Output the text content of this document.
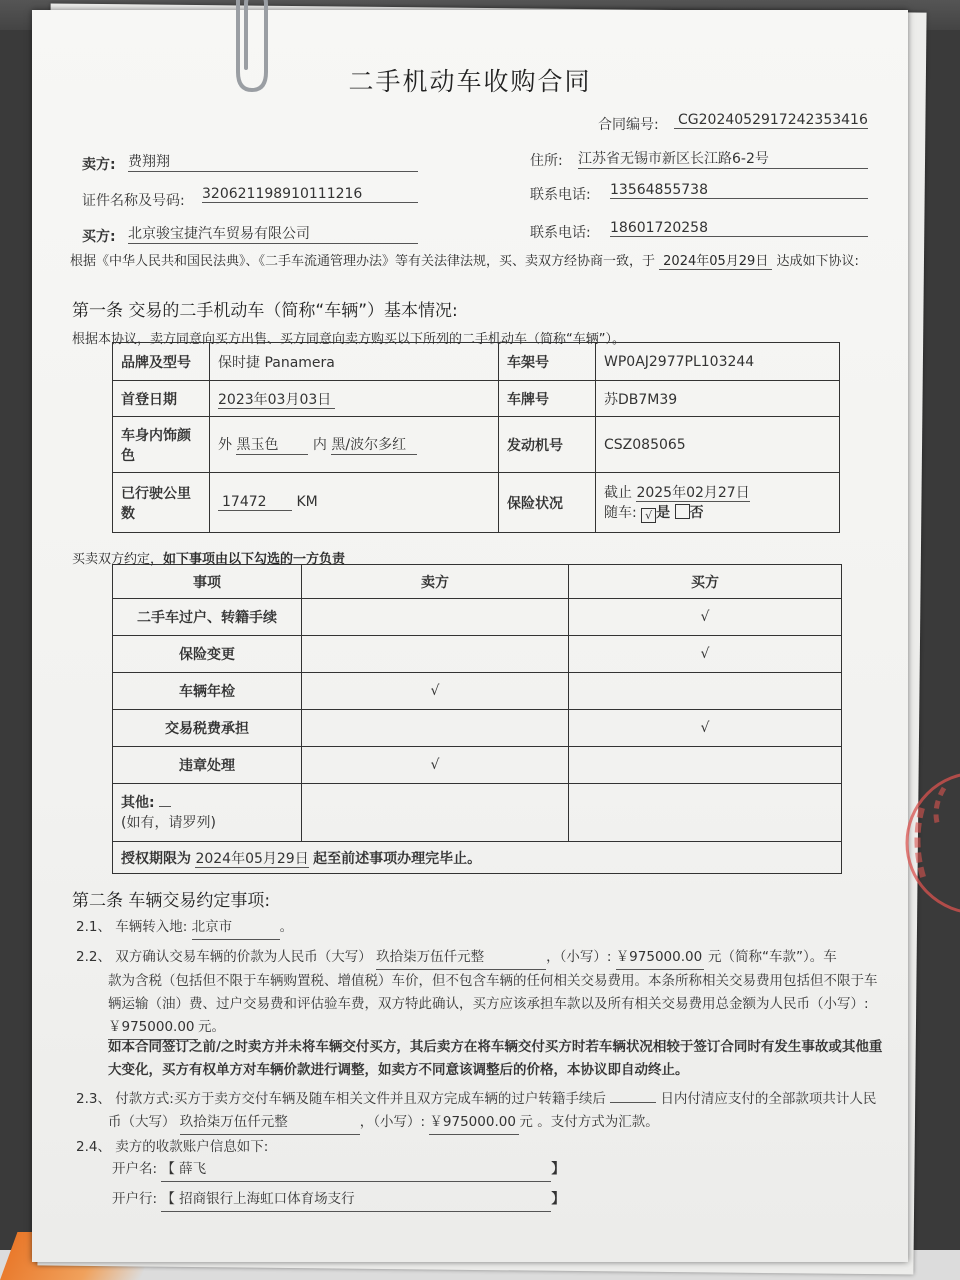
二手机动车收购合同
合同编号: CG2024052917242353416
卖方: 费翔翔	住所: 江苏省无锡市新区长江路6-2号
证件名称及号码: 320621198910111216	联系电话: 13564855738
买方: 北京骏宝捷汽车贸易有限公司	联系电话: 18601720258
根据《中华人民共和国民法典》、《二手车流通管理办法》等有关法律法规，买、卖双方经协商一致，于 2024年05月29日 达成如下协议:
第一条 交易的二手机动车（简称“车辆”）基本情况:
根据本协议，卖方同意向买方出售、买方同意向卖方购买以下所列的二手机动车（简称“车辆”）。
品牌及型号	保时捷 Panamera	车架号	WP0AJ2977PL103244
首登日期	2023年03月03日	车牌号	苏DB7M39
车身内饰颜色	外 黑玉色 内 黑/波尔多红	发动机号	CSZ085065
已行驶公里数	17472 KM	保险状况	截止 2025年02月27日
随车: √ 是 否
买卖双方约定，如下事项由以下勾选的一方负责
事项	卖方	买方
二手车过户、转籍手续		√
保险变更		√
车辆年检	√	
交易税费承担		√
违章处理	√	

其他:
(如有，请罗列)		

授权期限为 2024年05月29日 起至前述事项办理完毕止。		
第二条 车辆交易约定事项:
2.1、 车辆转入地: 北京市	。
2.2、 双方确认交易车辆的价款为人民币（大写） 玖拾柒万伍仟元整	，（小写）: ￥975000.00 元（简称“车款”）。车
款为含税（包括但不限于车辆购置税、增值税）车价，但不包含车辆的任何相关交易费用。本条所称相关交易费用包括但不限于车
辆运输（油）费、过户交易费和评估验车费，双方特此确认，买方应该承担车款以及所有相关交易费用总金额为人民币（小写）:
￥975000.00 元。
如本合同签订之前/之时卖方并未将车辆交付买方，其后卖方在将车辆交付买方时若车辆状况相较于签订合同时有发生事故或其他重
大变化，买方有权单方对车辆价款进行调整，如卖方不同意该调整后的价格，本协议即自动终止。
2.3、 付款方式:买方于卖方交付车辆及随车相关文件并且双方完成车辆的过户转籍手续后	日内付清应支付的全部款项共计人民
币（大写） 玖拾柒万伍仟元整	，（小写）: ￥975000.00 元 。支付方式为汇款。
2.4、 卖方的收款账户信息如下:
开户名: 【 薛飞	】
开户行: 【 招商银行上海虹口体育场支行	】
